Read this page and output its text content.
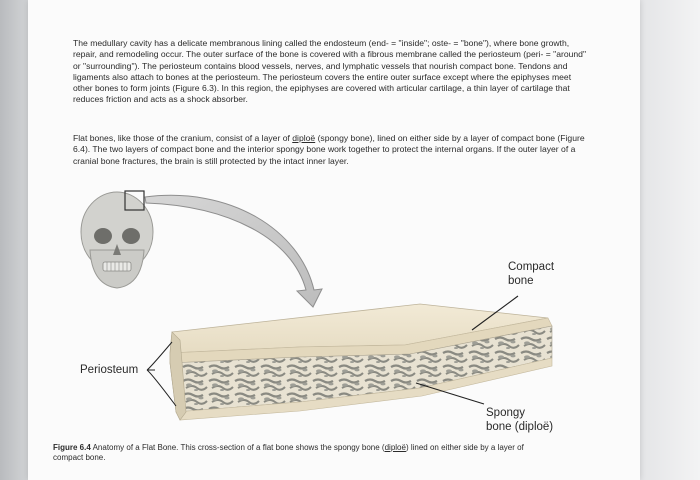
The medullary cavity has a delicate membranous lining called the endosteum (end- = "inside"; oste- = "bone"), where bone growth, repair, and remodeling occur. The outer surface of the bone is covered with a fibrous membrane called the periosteum (peri- = "around" or "surrounding"). The periosteum contains blood vessels, nerves, and lymphatic vessels that nourish compact bone. Tendons and ligaments also attach to bones at the periosteum. The periosteum covers the entire outer surface except where the epiphyses meet other bones to form joints (Figure 6.3). In this region, the epiphyses are covered with articular cartilage, a thin layer of cartilage that reduces friction and acts as a shock absorber.

Flat bones, like those of the cranium, consist of a layer of diploë (spongy bone), lined on either side by a layer of compact bone (Figure 6.4). The two layers of compact bone and the interior spongy bone work together to protect the internal organs. If the outer layer of a cranial bone fractures, the brain is still protected by the intact inner layer.

Compact
bone
Periosteum
Spongy
bone (diploë)
Figure 6.4 Anatomy of a Flat Bone. This cross-section of a flat bone shows the spongy bone (diploë) lined on either side by a layer of compact bone.
